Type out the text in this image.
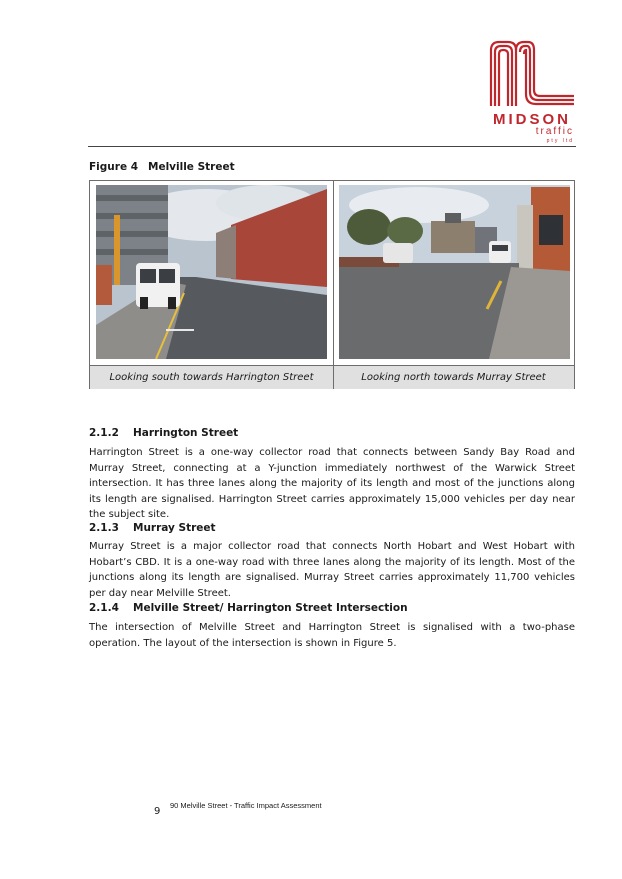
MIDSON
traffic
pty ltd
Figure 4 Melville Street
Looking south towards Harrington Street	Looking north towards Murray Street
2.1.2 Harrington Street
Harrington Street is a one-way collector road that connects between Sandy Bay Road and Murray Street, connecting at a Y-junction immediately northwest of the Warwick Street intersection. It has three lanes along the majority of its length and most of the junctions along its length are signalised. Harrington Street carries approximately 15,000 vehicles per day near the subject site.
2.1.3 Murray Street
Murray Street is a major collector road that connects North Hobart and West Hobart with Hobart’s CBD. It is a one-way road with three lanes along the majority of its length. Most of the junctions along its length are signalised. Murray Street carries approximately 11,700 vehicles per day near Melville Street.
2.1.4 Melville Street/ Harrington Street Intersection
The intersection of Melville Street and Harrington Street is signalised with a two-phase operation. The layout of the intersection is shown in Figure 5.
9
90 Melville Street - Traffic Impact Assessment
